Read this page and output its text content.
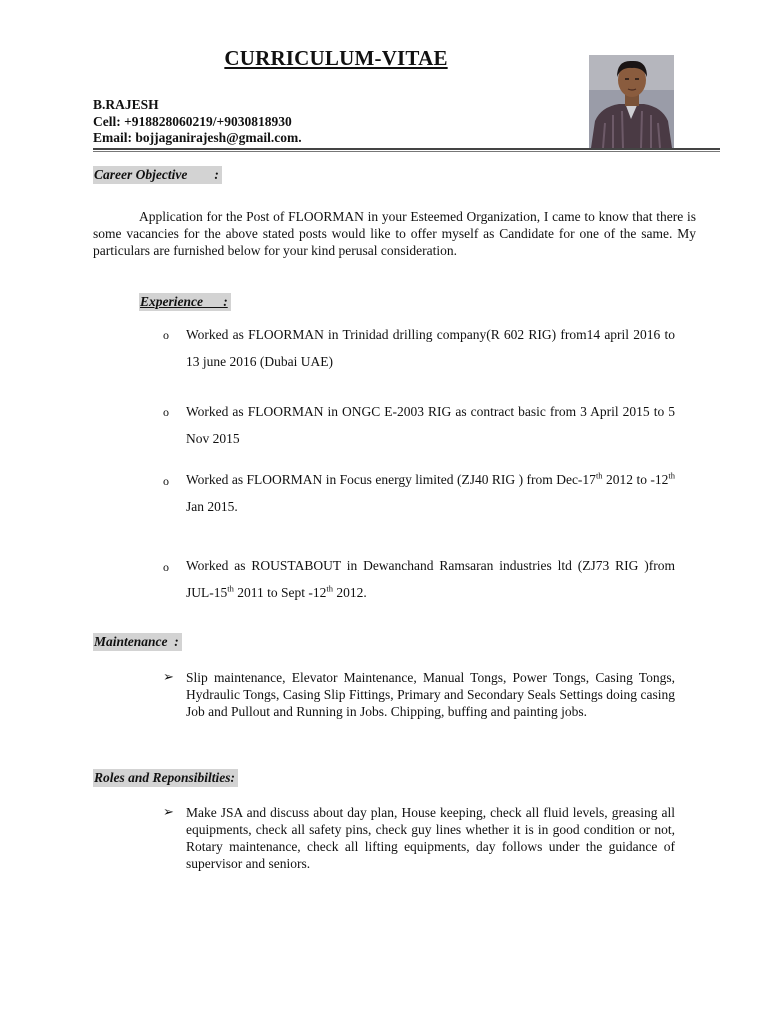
CURRICULUM-VITAE
B.RAJESH
Cell: +918828060219/+9030818930
Email: bojjaganirajesh@gmail.com.
Career Objective        :

Application for the Post of FLOORMAN in your Esteemed Organization, I came to know that there is some vacancies for the above stated posts would like to offer myself as Candidate for one of the same. My particulars are furnished below for your kind perusal consideration.

Experience      :
o Worked as FLOORMAN in Trinidad drilling company(R 602 RIG) from14 april 2016 to 13 june 2016 (Dubai UAE)
o Worked as FLOORMAN in ONGC E-2003 RIG as contract basic from 3 April 2015 to 5 Nov 2015
o Worked as FLOORMAN in Focus energy limited (ZJ40 RIG ) from Dec-17th 2012 to -12th Jan 2015.
o Worked as ROUSTABOUT in Dewanchand Ramsaran industries ltd (ZJ73 RIG )from JUL-15th 2011 to Sept -12th 2012.
Maintenance  :
➢ Slip maintenance, Elevator Maintenance, Manual Tongs, Power Tongs, Casing Tongs, Hydraulic Tongs, Casing Slip Fittings, Primary and Secondary Seals Settings doing casing Job and Pullout and Running in Jobs. Chipping, buffing and painting jobs.
Roles and Reponsibilties:
➢ Make JSA and discuss about day plan, House keeping, check all fluid levels, greasing all equipments, check all safety pins, check guy lines whether it is in good condition or not, Rotary maintenance, check all lifting equipments, day follows under the guidance of supervisor and seniors.
